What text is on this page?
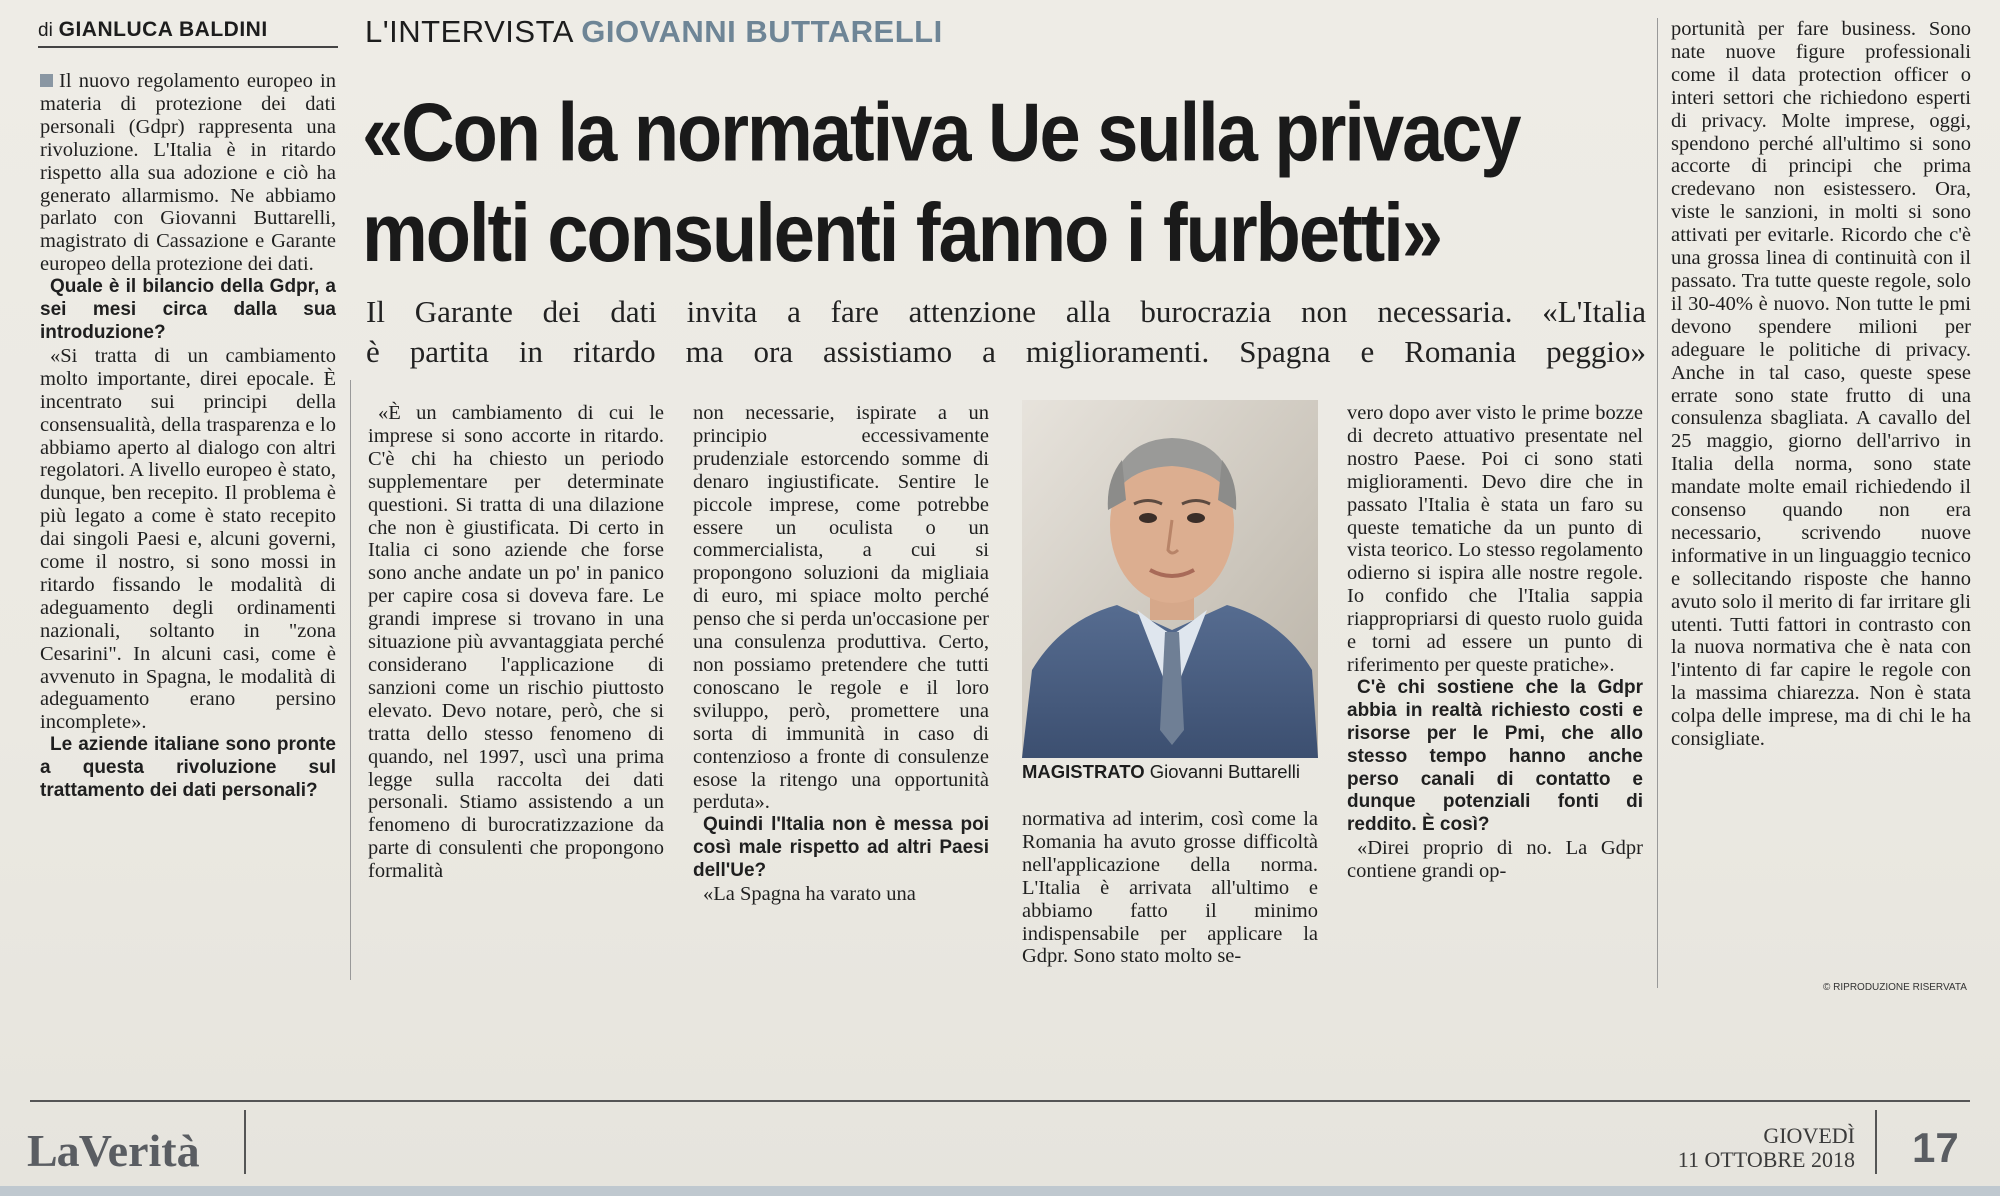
di GIANLUCA BALDINI	L'INTERVISTA GIOVANNI BUTTARELLI
«Con la normativa Ue sulla privacy
molti consulenti fanno i furbetti»
Il Garante dei dati invita a fare attenzione alla burocrazia non necessaria. «L'Italia
è partita in ritardo ma ora assistiamo a miglioramenti. Spagna e Romania peggio»

Il nuovo regolamento europeo in materia di protezione dei dati personali (Gdpr) rappresenta una rivoluzione. L'Italia è in ritardo rispetto alla sua adozione e ciò ha generato allarmismo. Ne abbiamo parlato con Giovanni Buttarelli, magistrato di Cassazione e Garante europeo della protezione dei dati.

Quale è il bilancio della Gdpr, a sei mesi circa dalla sua introduzione?

«Si tratta di un cambiamento molto importante, direi epocale. È incentrato sui principi della consensualità, della trasparenza e lo abbiamo aperto al dialogo con altri regolatori. A livello europeo è stato, dunque, ben recepito. Il problema è più legato a come è stato recepito dai singoli Paesi e, alcuni governi, come il nostro, si sono mossi in ritardo fissando le modalità di adeguamento degli ordinamenti nazionali, soltanto in "zona Cesarini". In alcuni casi, come è avvenuto in Spagna, le modalità di adeguamento erano persino incomplete».

Le aziende italiane sono pronte a questa rivoluzione sul trattamento dei dati personali?

«È un cambiamento di cui le imprese si sono accorte in ritardo. C'è chi ha chiesto un periodo supplementare per determinate questioni. Si tratta di una dilazione che non è giustificata. Di certo in Italia ci sono aziende che forse sono anche andate un po' in panico per capire cosa si doveva fare. Le grandi imprese si trovano in una situazione più avvantaggiata perché considerano l'applicazione di sanzioni come un rischio piuttosto elevato. Devo notare, però, che si tratta dello stesso fenomeno di quando, nel 1997, uscì una prima legge sulla raccolta dei dati personali. Stiamo assistendo a un fenomeno di burocratizzazione da parte di consulenti che propongono formalità

non necessarie, ispirate a un principio eccessivamente prudenziale estorcendo somme di denaro ingiustificate. Sentire le piccole imprese, come potrebbe essere un oculista o un commercialista, a cui si propongono soluzioni da migliaia di euro, mi spiace molto perché penso che si perda un'occasione per una consulenza produttiva. Certo, non possiamo pretendere che tutti conoscano le regole e il loro sviluppo, però, promettere una sorta di immunità in caso di contenzioso a fronte di consulenze esose la ritengo una opportunità perduta».

Quindi l'Italia non è messa poi così male rispetto ad altri Paesi dell'Ue?

«La Spagna ha varato una

MAGISTRATO Giovanni Buttarelli

normativa ad interim, così come la Romania ha avuto grosse difficoltà nell'applicazione della norma. L'Italia è arrivata all'ultimo e abbiamo fatto il minimo indispensabile per applicare la Gdpr. Sono stato molto se-

vero dopo aver visto le prime bozze di decreto attuativo presentate nel nostro Paese. Poi ci sono stati miglioramenti. Devo dire che in passato l'Italia è stata un faro su queste tematiche da un punto di vista teorico. Lo stesso regolamento odierno si ispira alle nostre regole. Io confido che l'Italia sappia riappropriarsi di questo ruolo guida e torni ad essere un punto di riferimento per queste pratiche».

C'è chi sostiene che la Gdpr abbia in realtà richiesto costi e risorse per le Pmi, che allo stesso tempo hanno anche perso canali di contatto e dunque potenziali fonti di reddito. È così?

«Direi proprio di no. La Gdpr contiene grandi op-

portunità per fare business. Sono nate nuove figure professionali come il data protection officer o interi settori che richiedono esperti di privacy. Molte imprese, oggi, spendono perché all'ultimo si sono accorte di principi che prima credevano non esistessero. Ora, viste le sanzioni, in molti si sono attivati per evitarle. Ricordo che c'è una grossa linea di continuità con il passato. Tra tutte queste regole, solo il 30-40% è nuovo. Non tutte le pmi devono spendere milioni per adeguare le politiche di privacy. Anche in tal caso, queste spese errate sono state frutto di una consulenza sbagliata. A cavallo del 25 maggio, giorno dell'arrivo in Italia della norma, sono state mandate molte email richiedendo il consenso quando non era necessario, scrivendo nuove informative in un linguaggio tecnico e sollecitando risposte che hanno avuto solo il merito di far irritare gli utenti. Tutti fattori in contrasto con la nuova normativa che è nata con l'intento di far capire le regole con la massima chiarezza. Non è stata colpa delle imprese, ma di chi le ha consigliate.

© RIPRODUZIONE RISERVATA
LaVerità	GIOVEDÌ
11 OTTOBRE 2018 17
